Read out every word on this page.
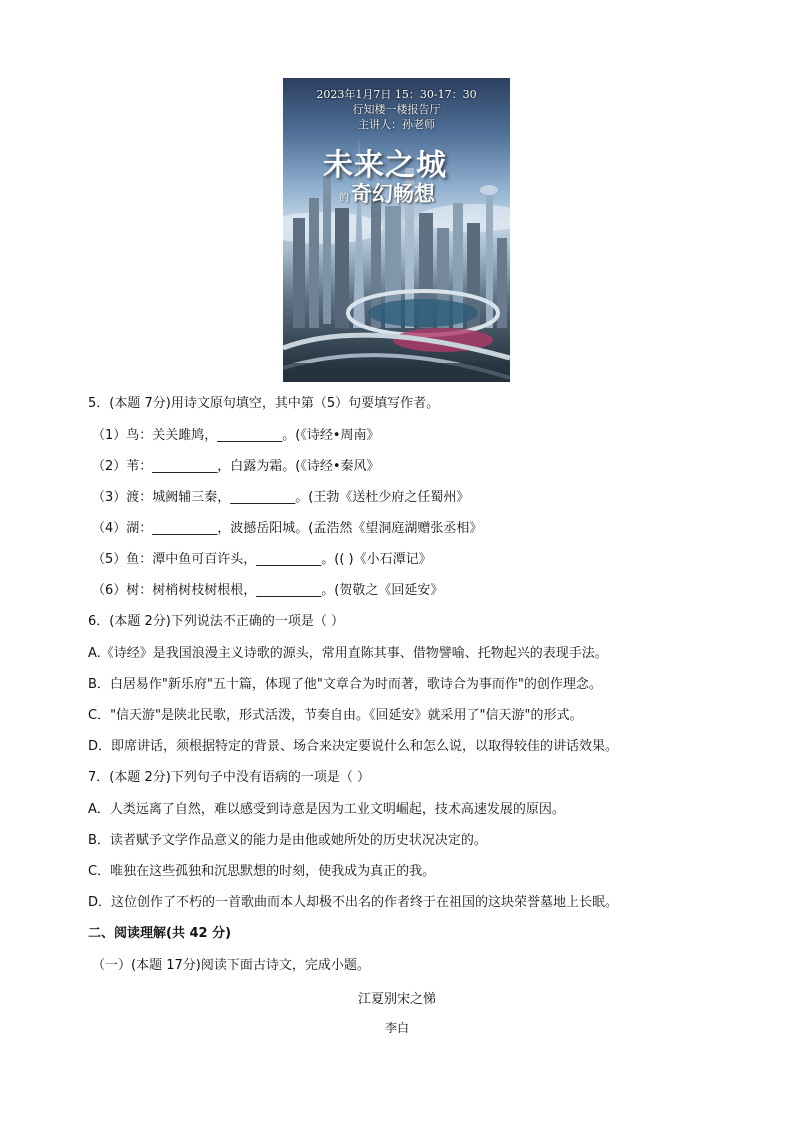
2023年1月7日 15：30-17：30
行知楼一楼报告厅
主讲人：孙老师
未来之城
的奇幻畅想
5．(本题 7分)用诗文原句填空，其中第（5）句要填写作者。
（1）鸟：关关雎鸠，__________。(《诗经•周南》
（2）苇：__________，白露为霜。(《诗经•秦风》
（3）渡：城阙辅三秦，__________。(王勃《送杜少府之任蜀州》
（4）湖：__________，波撼岳阳城。(孟浩然《望洞庭湖赠张丞相》
（5）鱼：潭中鱼可百许头，__________。(( )《小石潭记》
（6）树：树梢树枝树根根，__________。(贺敬之《回延安》
6．(本题 2分)下列说法不正确的一项是（ ）
A.《诗经》是我国浪漫主义诗歌的源头，常用直陈其事、借物譬喻、托物起兴的表现手法。
B．白居易作"新乐府"五十篇，体现了他"文章合为时而著，歌诗合为事而作"的创作理念。
C．"信天游"是陕北民歌，形式活泼，节奏自由。《回延安》就采用了"信天游"的形式。
D．即席讲话，须根据特定的背景、场合来决定要说什么和怎么说，以取得较佳的讲话效果。
7．(本题 2分)下列句子中没有语病的一项是（ ）
A．人类远离了自然，难以感受到诗意是因为工业文明崛起，技术高速发展的原因。
B．读者赋予文学作品意义的能力是由他或她所处的历史状况决定的。
C．唯独在这些孤独和沉思默想的时刻，使我成为真正的我。
D．这位创作了不朽的一首歌曲而本人却极不出名的作者终于在祖国的这块荣誉墓地上长眠。
二、阅读理解(共 42 分)
（一）(本题 17分)阅读下面古诗文，完成小题。
江夏别宋之悌
李白
